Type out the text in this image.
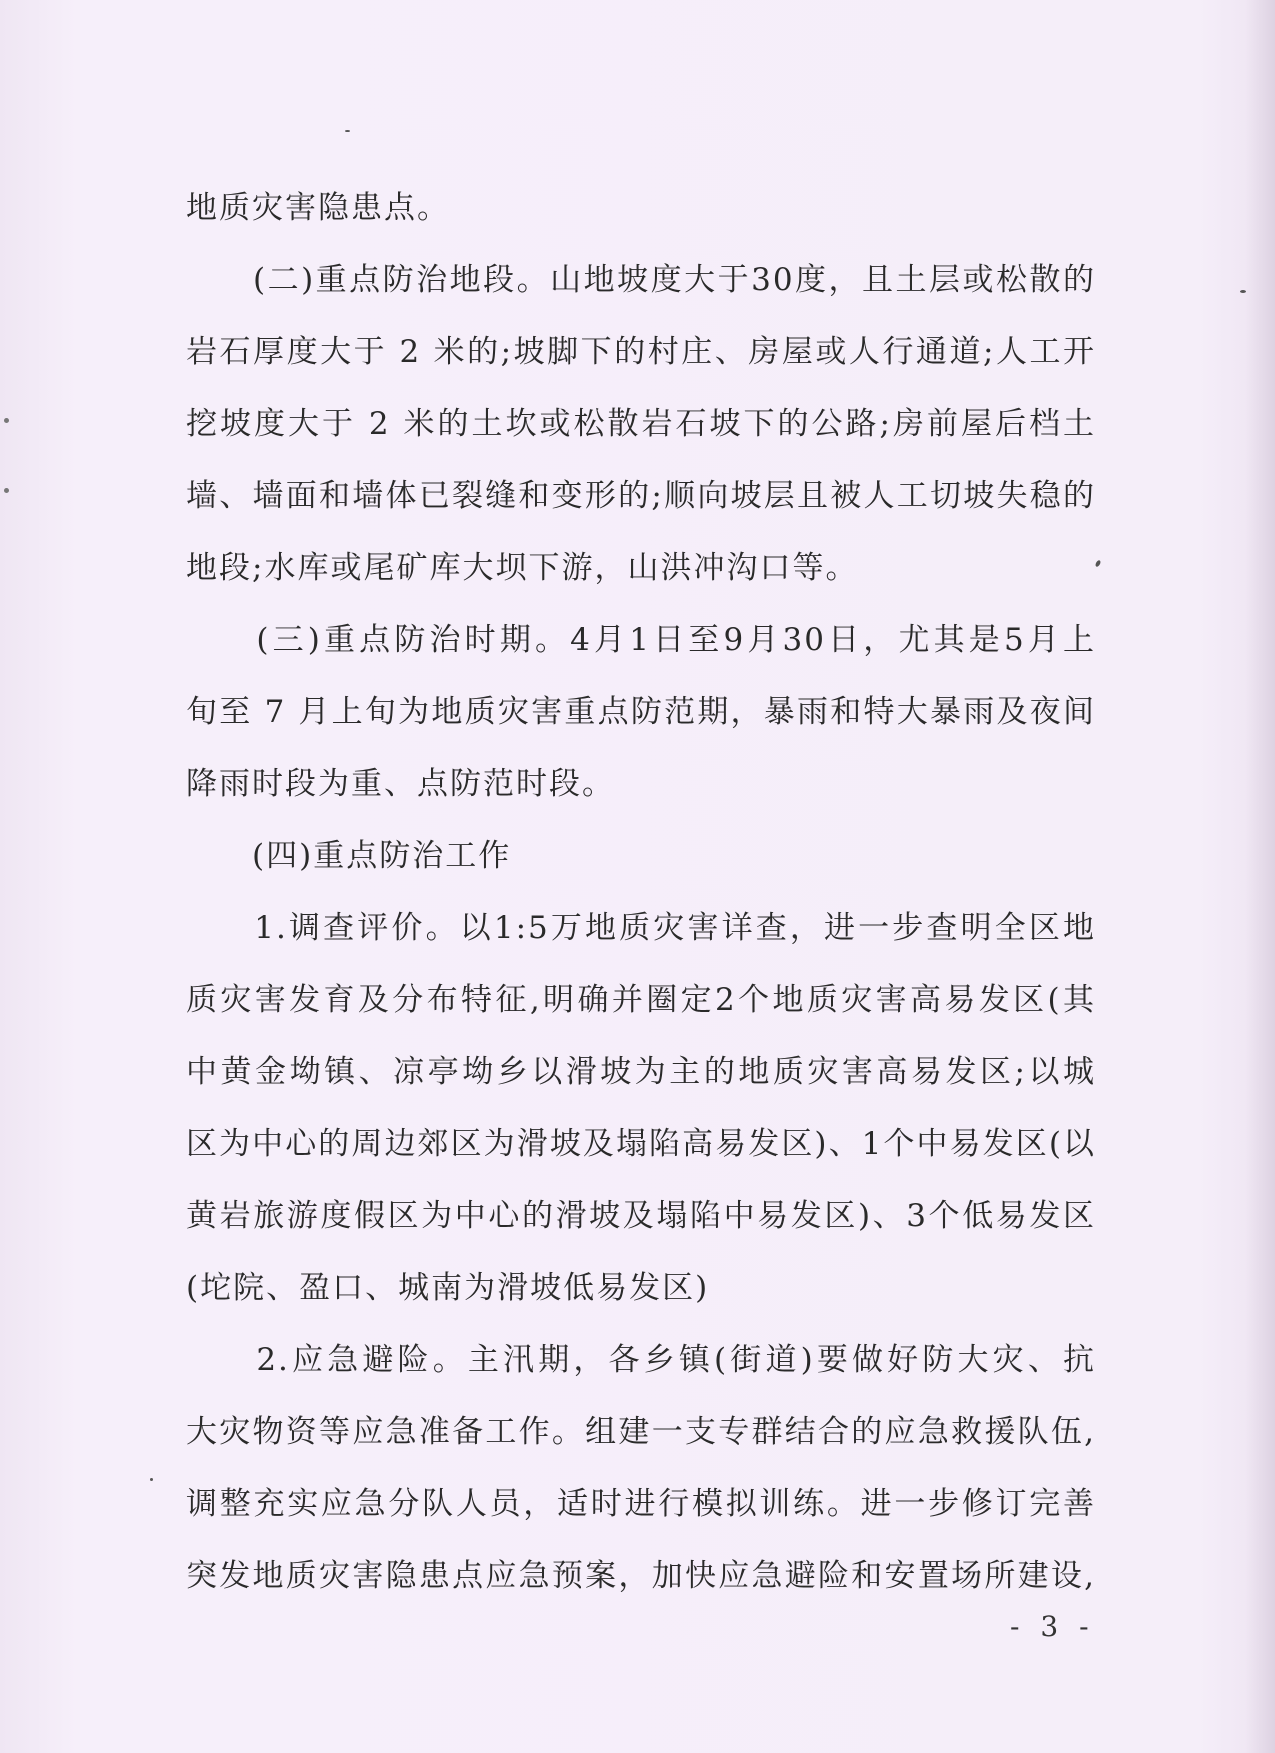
地质灾害隐患点。
　　(二)重点防治地段。山地坡度大于30度，且土层或松散的
岩石厚度大于 2 米的;坡脚下的村庄、房屋或人行通道;人工开
挖坡度大于 2 米的土坎或松散岩石坡下的公路;房前屋后档土
墙、墙面和墙体已裂缝和变形的;顺向坡层且被人工切坡失稳的
地段;水库或尾矿库大坝下游，山洪冲沟口等。
　　(三)重点防治时期。4月1日至9月30日，尤其是5月上
旬至 7 月上旬为地质灾害重点防范期，暴雨和特大暴雨及夜间
降雨时段为重、点防范时段。
　　(四)重点防治工作
　　1.调查评价。以1:5万地质灾害详查，进一步查明全区地
质灾害发育及分布特征,明确并圈定2个地质灾害高易发区(其
中黄金坳镇、凉亭坳乡以滑坡为主的地质灾害高易发区;以城
区为中心的周边郊区为滑坡及塌陷高易发区)、1个中易发区(以
黄岩旅游度假区为中心的滑坡及塌陷中易发区)、3个低易发区
(坨院、盈口、城南为滑坡低易发区)
　　2.应急避险。主汛期，各乡镇(街道)要做好防大灾、抗
大灾物资等应急准备工作。组建一支专群结合的应急救援队伍,
调整充实应急分队人员，适时进行模拟训练。进一步修订完善
突发地质灾害隐患点应急预案，加快应急避险和安置场所建设,
- 3 -
